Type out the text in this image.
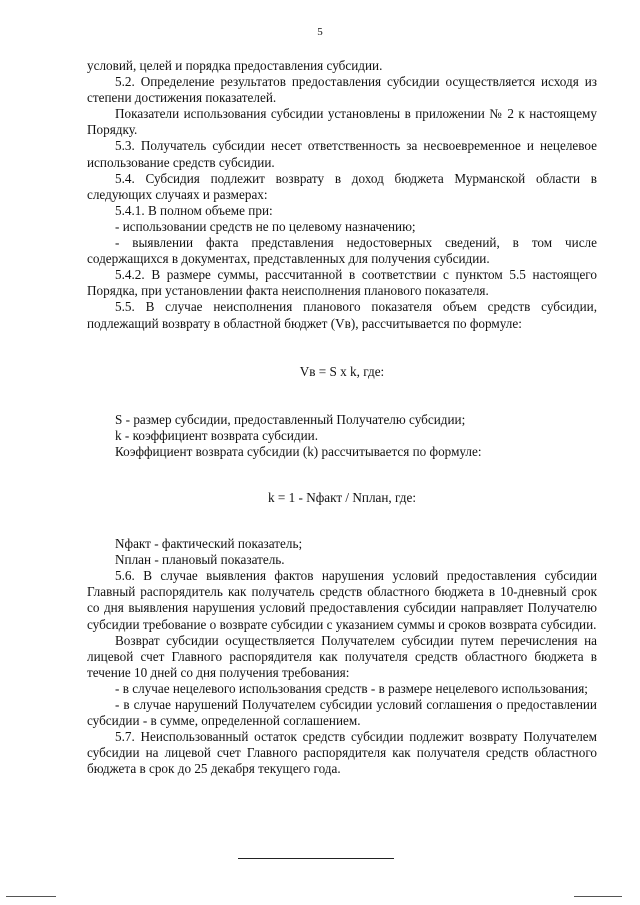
5

условий, целей и порядка предоставления субсидии.

5.2. Определение результатов предоставления субсидии осуществляется исходя из степени достижения показателей.

Показатели использования субсидии установлены в приложении № 2 к настоящему Порядку.

5.3. Получатель субсидии несет ответственность за несвоевременное и нецелевое использование средств субсидии.

5.4. Субсидия подлежит возврату в доход бюджета Мурманской области в следующих случаях и размерах:

5.4.1. В полном объеме при:

- использовании средств не по целевому назначению;

- выявлении факта представления недостоверных сведений, в том числе содержащихся в документах, представленных для получения субсидии.

5.4.2. В размере суммы, рассчитанной в соответствии с пунктом 5.5 настоящего Порядка, при установлении факта неисполнения планового показателя.

5.5. В случае неисполнения планового показателя объем средств субсидии, подлежащий возврату в областной бюджет (Vв), рассчитывается по формуле:

Vв = S x k, где:

S - размер субсидии, предоставленный Получателю субсидии;

k - коэффициент возврата субсидии.

Коэффициент возврата субсидии (k) рассчитывается по формуле:

k = 1 - Nфакт / Nплан, где:

Nфакт - фактический показатель;

Nплан - плановый показатель.

5.6. В случае выявления фактов нарушения условий предоставления субсидии Главный распорядитель как получатель средств областного бюджета в 10-дневный срок со дня выявления нарушения условий предоставления субсидии направляет Получателю субсидии требование о возврате субсидии с указанием суммы и сроков возврата субсидии.

Возврат субсидии осуществляется Получателем субсидии путем перечисления на лицевой счет Главного распорядителя как получателя средств областного бюджета в течение 10 дней со дня получения требования:

- в случае нецелевого использования средств - в размере нецелевого использования;

- в случае нарушений Получателем субсидии условий соглашения о предоставлении субсидии - в сумме, определенной соглашением.

5.7. Неиспользованный остаток средств субсидии подлежит возврату Получателем субсидии на лицевой счет Главного распорядителя как получателя средств областного бюджета в срок до 25 декабря текущего года.
